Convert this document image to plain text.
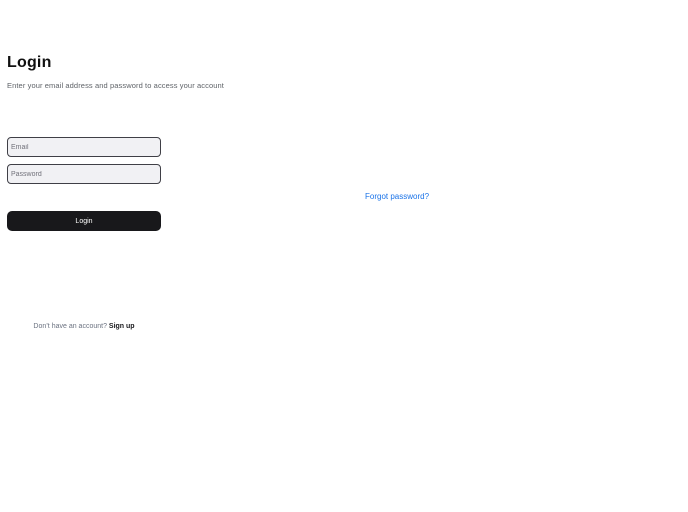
Login

Enter your email address and password to access your account

Email
Forgot password?
Login
Don’t have an account? Sign up
